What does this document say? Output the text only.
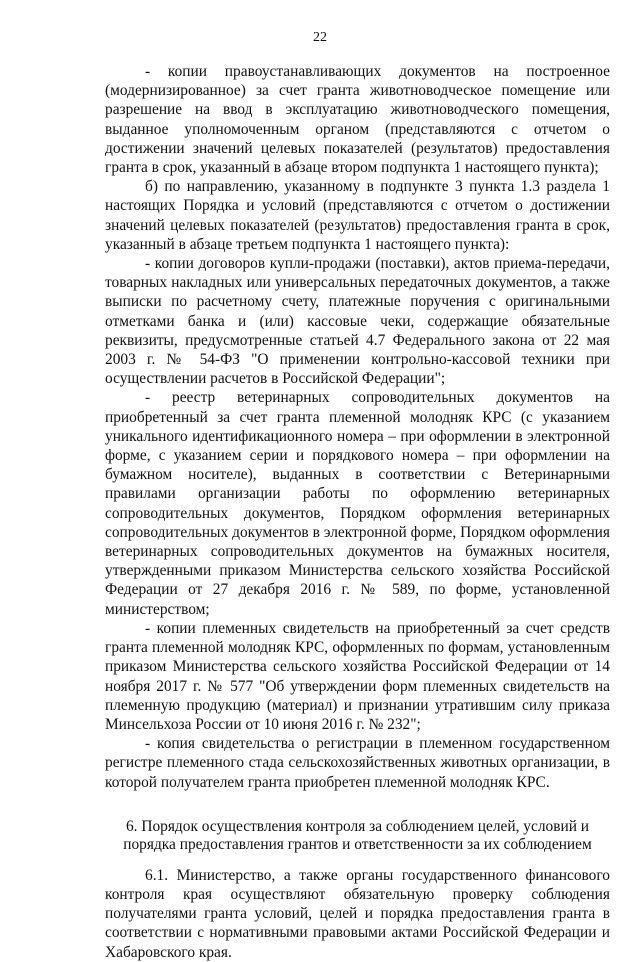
22

- копии правоустанавливающих документов на построенное (модернизированное) за счет гранта животноводческое помещение или разрешение на ввод в эксплуатацию животноводческого помещения, выданное уполномоченным органом (представляются с отчетом о достижении значений целевых показателей (результатов) предоставления гранта в срок, указанный в абзаце втором подпункта 1 настоящего пункта);

б) по направлению, указанному в подпункте 3 пункта 1.3 раздела 1 настоящих Порядка и условий (представляются с отчетом о достижении значений целевых показателей (результатов) предоставления гранта в срок, указанный в абзаце третьем подпункта 1 настоящего пункта):

- копии договоров купли-продажи (поставки), актов приема-передачи, товарных накладных или универсальных передаточных документов, а также выписки по расчетному счету, платежные поручения с оригинальными отметками банка и (или) кассовые чеки, содержащие обязательные реквизиты, предусмотренные статьей 4.7 Федерального закона от 22 мая 2003 г. № 54-ФЗ "О применении контрольно-кассовой техники при осуществлении расчетов в Российской Федерации";

- реестр ветеринарных сопроводительных документов на приобретенный за счет гранта племенной молодняк КРС (с указанием уникального идентификационного номера – при оформлении в электронной форме, с указанием серии и порядкового номера – при оформлении на бумажном носителе), выданных в соответствии с Ветеринарными правилами организации работы по оформлению ветеринарных сопроводительных документов, Порядком оформления ветеринарных сопроводительных документов в электронной форме, Порядком оформления ветеринарных сопроводительных документов на бумажных носителя, утвержденными приказом Министерства сельского хозяйства Российской Федерации от 27 декабря 2016 г. № 589, по форме, установленной министерством;

- копии племенных свидетельств на приобретенный за счет средств гранта племенной молодняк КРС, оформленных по формам, установленным приказом Министерства сельского хозяйства Российской Федерации от 14 ноября 2017 г. № 577 "Об утверждении форм племенных свидетельств на племенную продукцию (материал) и признании утратившим силу приказа Минсельхоза России от 10 июня 2016 г. № 232";

- копия свидетельства о регистрации в племенном государственном регистре племенного стада сельскохозяйственных животных организации, в которой получателем гранта приобретен племенной молодняк КРС.

6. Порядок осуществления контроля за соблюдением целей, условий и
порядка предоставления грантов и ответственности за их соблюдением

6.1. Министерство, а также органы государственного финансового контроля края осуществляют обязательную проверку соблюдения получателями гранта условий, целей и порядка предоставления гранта в соответствии с нормативными правовыми актами Российской Федерации и Хабаровского края.
